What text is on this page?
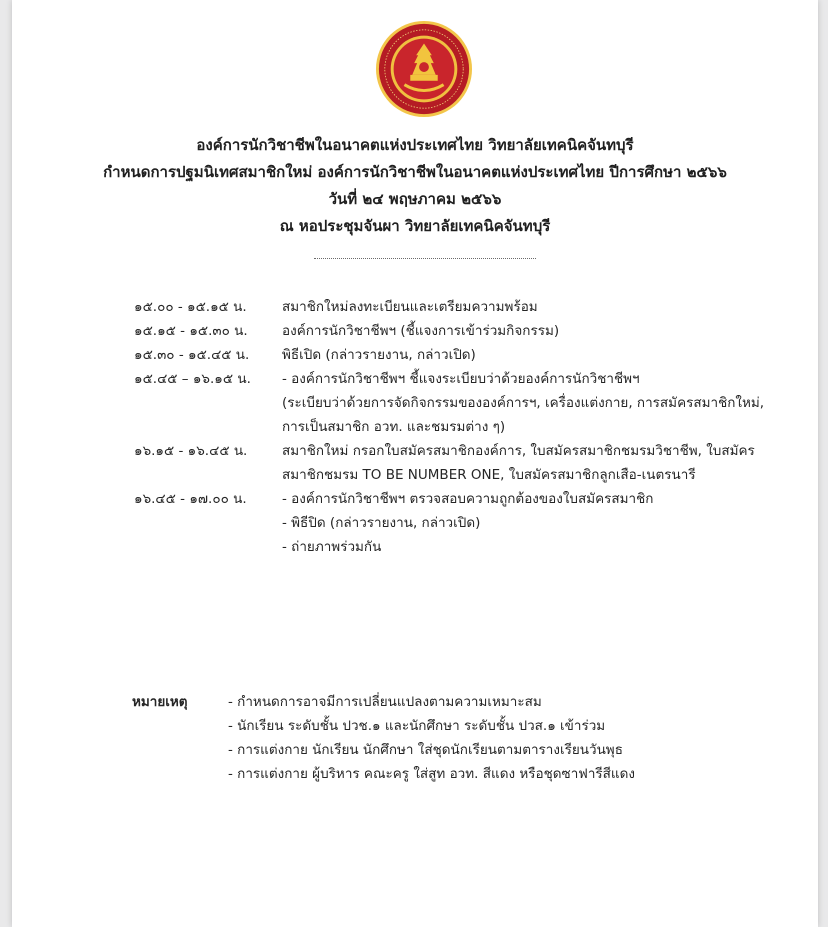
องค์การนักวิชาชีพในอนาคตแห่งประเทศไทย วิทยาลัยเทคนิคจันทบุรี
กำหนดการปฐมนิเทศสมาชิกใหม่ องค์การนักวิชาชีพในอนาคตแห่งประเทศไทย ปีการศึกษา ๒๕๖๖
วันที่ ๒๔ พฤษภาคม ๒๕๖๖
ณ หอประชุมจันผา วิทยาลัยเทคนิคจันทบุรี
๑๕.๐๐ - ๑๕.๑๕ น.	สมาชิกใหม่ลงทะเบียนและเตรียมความพร้อม
๑๕.๑๕ - ๑๕.๓๐ น.	องค์การนักวิชาชีพฯ (ชี้แจงการเข้าร่วมกิจกรรม)
๑๕.๓๐ - ๑๕.๔๕ น.	พิธีเปิด (กล่าวรายงาน, กล่าวเปิด)
๑๕.๔๕ – ๑๖.๑๕ น.	- องค์การนักวิชาชีพฯ ชี้แจงระเบียบว่าด้วยองค์การนักวิชาชีพฯ
(ระเบียบว่าด้วยการจัดกิจกรรมขององค์การฯ, เครื่องแต่งกาย, การสมัครสมาชิกใหม่,
การเป็นสมาชิก อวท. และชมรมต่าง ๆ)
๑๖.๑๕ - ๑๖.๔๕ น.	สมาชิกใหม่ กรอกใบสมัครสมาชิกองค์การ, ใบสมัครสมาชิกชมรมวิชาชีพ, ใบสมัคร
สมาชิกชมรม TO BE NUMBER ONE, ใบสมัครสมาชิกลูกเสือ-เนตรนารี
๑๖.๔๕ - ๑๗.๐๐ น.	- องค์การนักวิชาชีพฯ ตรวจสอบความถูกต้องของใบสมัครสมาชิก
- พิธีปิด (กล่าวรายงาน, กล่าวเปิด)
- ถ่ายภาพร่วมกัน
หมายเหตุ	- กำหนดการอาจมีการเปลี่ยนแปลงตามความเหมาะสม
- นักเรียน ระดับชั้น ปวช.๑ และนักศึกษา ระดับชั้น ปวส.๑ เข้าร่วม
- การแต่งกาย นักเรียน นักศึกษา ใส่ชุดนักเรียนตามตารางเรียนวันพุธ
- การแต่งกาย ผู้บริหาร คณะครู ใส่สูท อวท. สีแดง หรือชุดซาฟารีสีแดง
